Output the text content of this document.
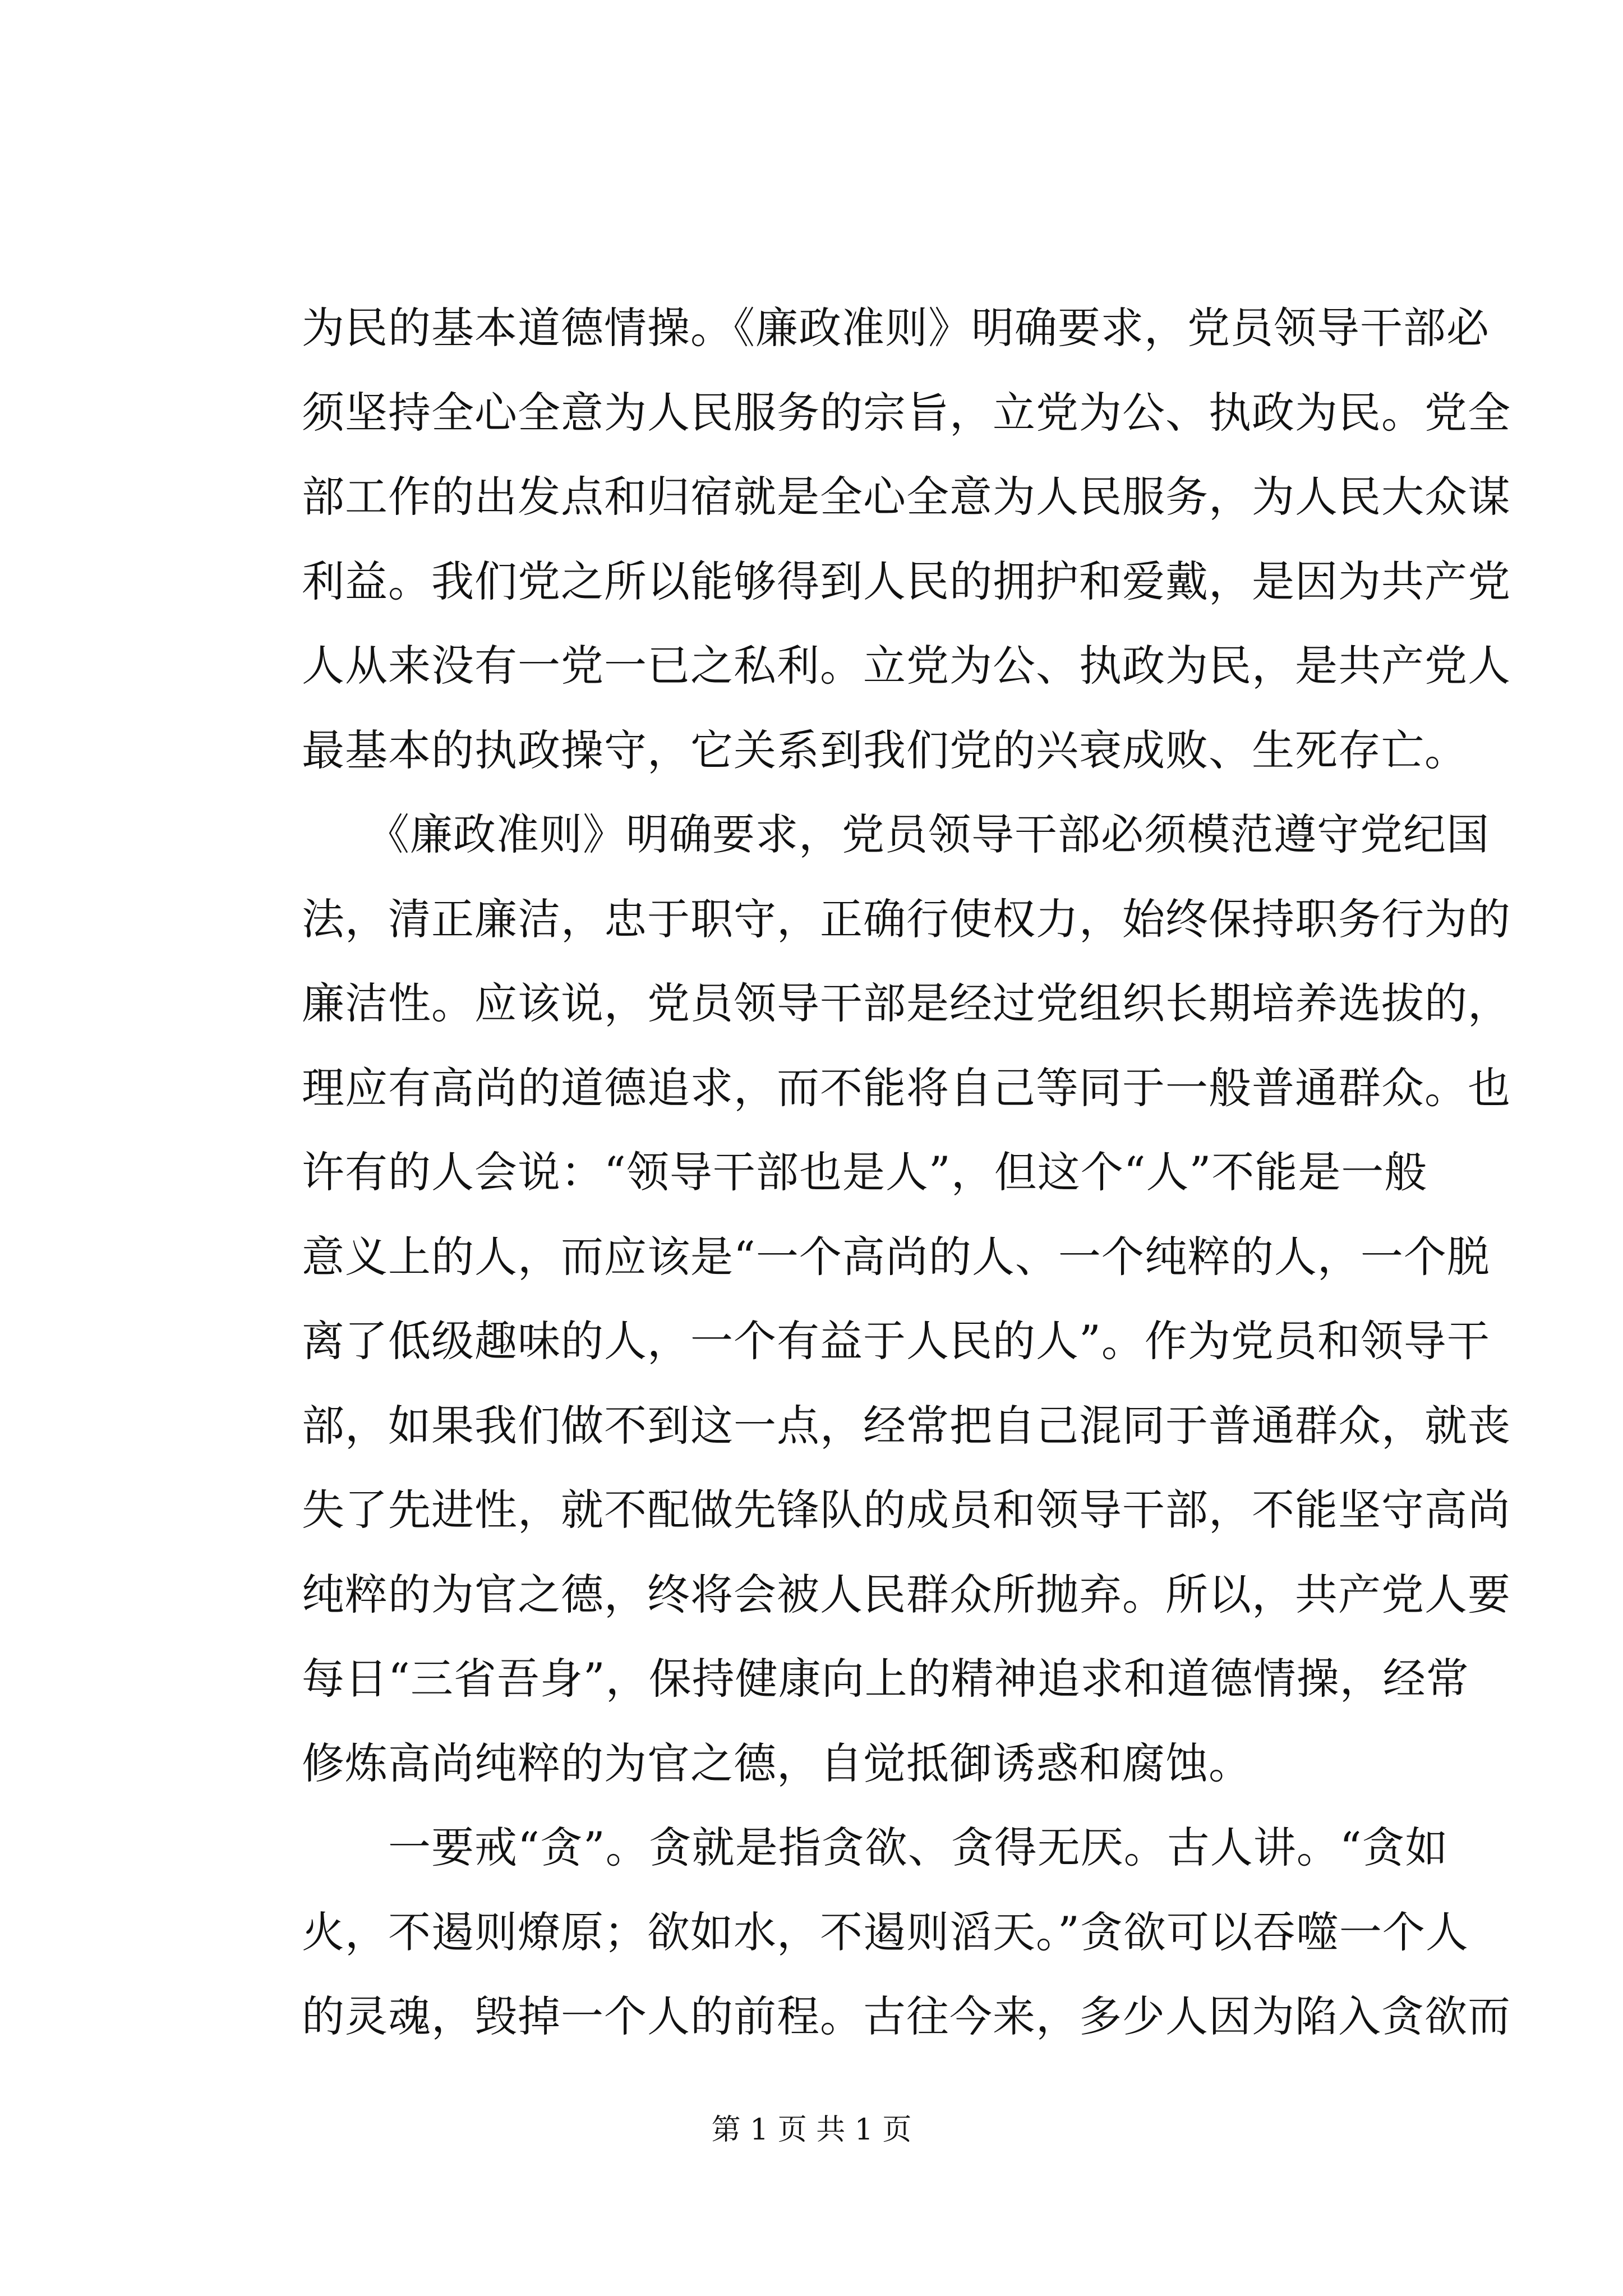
为民的基本道德情操。《廉政准则》明确要求，党员领导干部必
须坚持全心全意为人民服务的宗旨，立党为公、执政为民。党全
部工作的出发点和归宿就是全心全意为人民服务，为人民大众谋
利益。我们党之所以能够得到人民的拥护和爱戴，是因为共产党
人从来没有一党一已之私利。立党为公、执政为民，是共产党人
最基本的执政操守，它关系到我们党的兴衰成败、生死存亡。
　　《廉政准则》明确要求，党员领导干部必须模范遵守党纪国
法，清正廉洁，忠于职守，正确行使权力，始终保持职务行为的
廉洁性。应该说，党员领导干部是经过党组织长期培养选拔的，
理应有高尚的道德追求，而不能将自己等同于一般普通群众。也
许有的人会说：“领导干部也是人”，但这个“人”不能是一般
意义上的人，而应该是“一个高尚的人、一个纯粹的人，一个脱
离了低级趣味的人，一个有益于人民的人”。作为党员和领导干
部，如果我们做不到这一点，经常把自己混同于普通群众，就丧
失了先进性，就不配做先锋队的成员和领导干部，不能坚守高尚
纯粹的为官之德，终将会被人民群众所抛弃。所以，共产党人要
每日“三省吾身”，保持健康向上的精神追求和道德情操，经常
修炼高尚纯粹的为官之德，自觉抵御诱惑和腐蚀。
　　一要戒“贪”。贪就是指贪欲、贪得无厌。古人讲。“贪如
火，不遏则燎原；欲如水，不遏则滔天。”贪欲可以吞噬一个人
的灵魂，毁掉一个人的前程。古往今来，多少人因为陷入贪欲而
第 1 页 共 1 页
